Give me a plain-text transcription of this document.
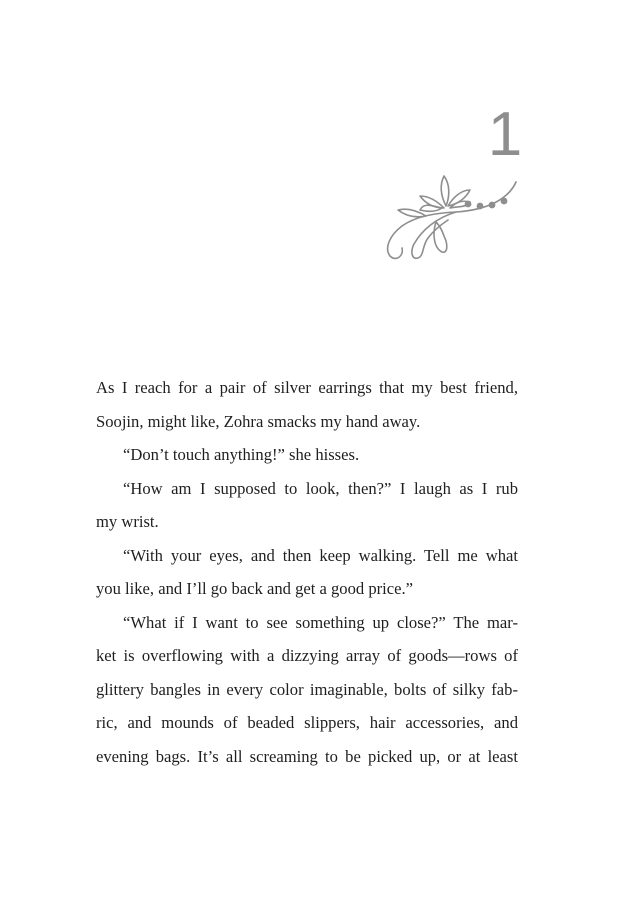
1
As I reach for a pair of silver earrings that my best friend,
Soojin, might like, Zohra smacks my hand away.
“Don’t touch anything!” she hisses.
“How am I supposed to look, then?” I laugh as I rub
my wrist.
“With your eyes, and then keep walking. Tell me what
you like, and I’ll go back and get a good price.”
“What if I want to see something up close?” The mar-
ket is overflowing with a dizzying array of goods—rows of
glittery bangles in every color imaginable, bolts of silky fab-
ric, and mounds of beaded slippers, hair accessories, and
evening bags. It’s all screaming to be picked up, or at least
